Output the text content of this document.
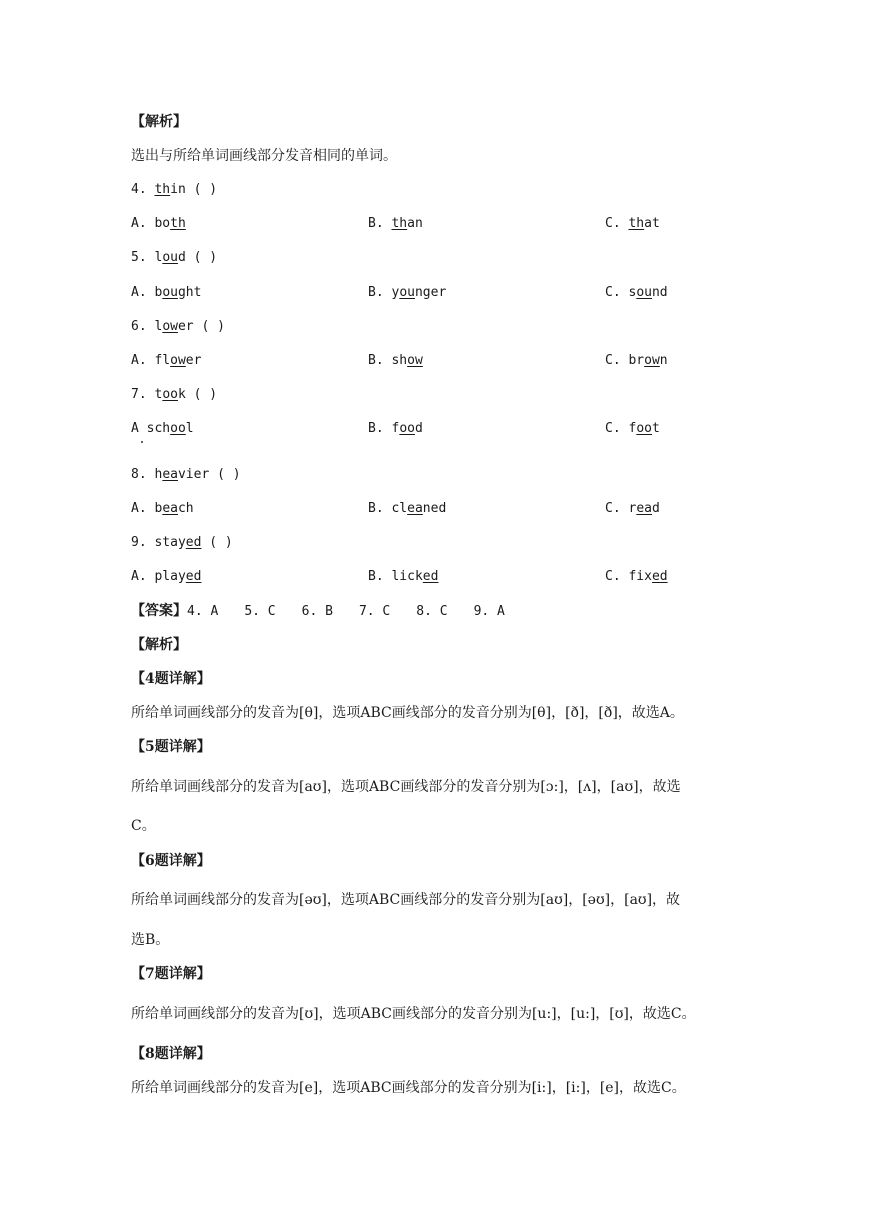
【解析】
选出与所给单词画线部分发音相同的单词。
4. thin ( )
A. both	B. than	C. that
5. loud ( )
A. bought	B. younger	C. sound
6. lower ( )
A. flower	B. show	C. brown
7. took ( )
A school	B. food	C. foot
8. heavier ( )
A. beach	B. cleaned	C. read
9. stayed ( )
A. played	B. licked	C. fixed
【答案】4. A 5. C 6. B 7. C 8. C 9. A
【解析】
【4题详解】
所给单词画线部分的发音为[θ]，选项ABC画线部分的发音分别为[θ]，[ð]，[ð]，故选A。
【5题详解】
所给单词画线部分的发音为[aʊ]，选项ABC画线部分的发音分别为[ɔ:]，[ʌ]，[aʊ]，故选
C。
【6题详解】
所给单词画线部分的发音为[əʊ]，选项ABC画线部分的发音分别为[aʊ]，[əʊ]，[aʊ]，故
选B。
【7题详解】
所给单词画线部分的发音为[ʊ]，选项ABC画线部分的发音分别为[u:]，[u:]，[ʊ]，故选C。
【8题详解】
所给单词画线部分的发音为[e]，选项ABC画线部分的发音分别为[i:]，[i:]，[e]，故选C。
